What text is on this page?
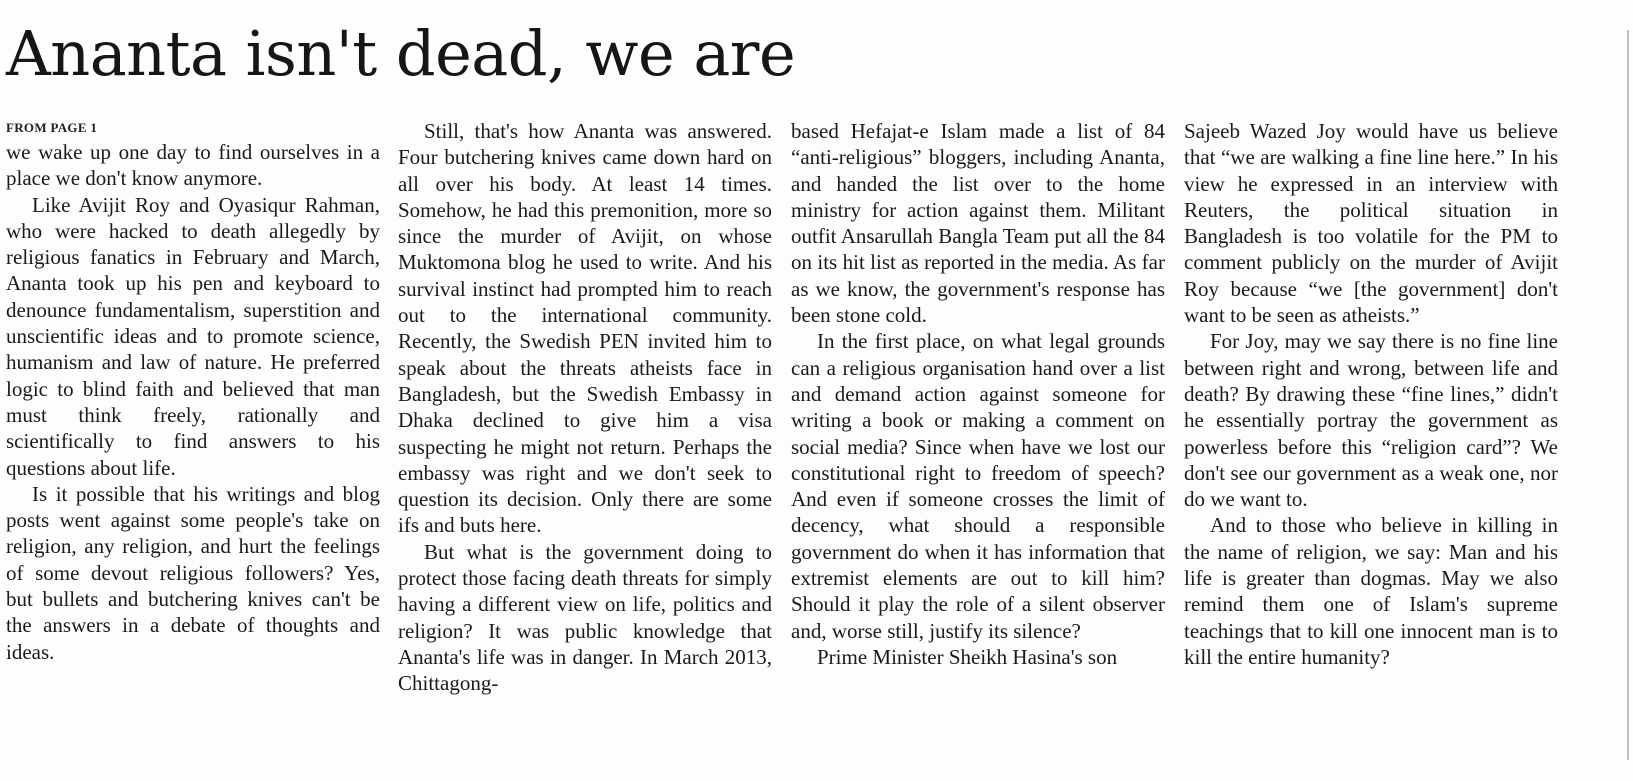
Ananta isn't dead, we are
FROM PAGE 1

we wake up one day to find ourselves in a place we don't know anymore.

Like Avijit Roy and Oyasiqur Rahman, who were hacked to death allegedly by religious fanatics in February and March, Ananta took up his pen and keyboard to denounce fundamentalism, superstition and unscientific ideas and to promote science, humanism and law of nature. He preferred logic to blind faith and believed that man must think freely, rationally and scientifically to find answers to his questions about life.

Is it possible that his writings and blog posts went against some people's take on religion, any religion, and hurt the feelings of some devout religious followers? Yes, but bullets and butchering knives can't be the answers in a debate of thoughts and ideas.

Still, that's how Ananta was answered. Four butchering knives came down hard on all over his body. At least 14 times. Somehow, he had this premonition, more so since the murder of Avijit, on whose Muktomona blog he used to write. And his survival instinct had prompted him to reach out to the international community. Recently, the Swedish PEN invited him to speak about the threats atheists face in Bangladesh, but the Swedish Embassy in Dhaka declined to give him a visa suspecting he might not return. Perhaps the embassy was right and we don't seek to question its decision. Only there are some ifs and buts here.

But what is the government doing to protect those facing death threats for simply having a different view on life, politics and religion? It was public knowledge that Ananta's life was in danger. In March 2013, Chittagong-

based Hefajat-e Islam made a list of 84 “anti-religious” bloggers, including Ananta, and handed the list over to the home ministry for action against them. Militant outfit Ansarullah Bangla Team put all the 84 on its hit list as reported in the media. As far as we know, the government's response has been stone cold.

In the first place, on what legal grounds can a religious organisation hand over a list and demand action against someone for writing a book or making a comment on social media? Since when have we lost our constitutional right to freedom of speech? And even if someone crosses the limit of decency, what should a responsible government do when it has information that extremist elements are out to kill him? Should it play the role of a silent observer and, worse still, justify its silence?

Prime Minister Sheikh Hasina's son

Sajeeb Wazed Joy would have us believe that “we are walking a fine line here.” In his view he expressed in an interview with Reuters, the political situation in Bangladesh is too volatile for the PM to comment publicly on the murder of Avijit Roy because “we [the government] don't want to be seen as atheists.”

For Joy, may we say there is no fine line between right and wrong, between life and death? By drawing these “fine lines,” didn't he essentially portray the government as powerless before this “religion card”? We don't see our government as a weak one, nor do we want to.

And to those who believe in killing in the name of religion, we say: Man and his life is greater than dogmas. May we also remind them one of Islam's supreme teachings that to kill one innocent man is to kill the entire humanity?
